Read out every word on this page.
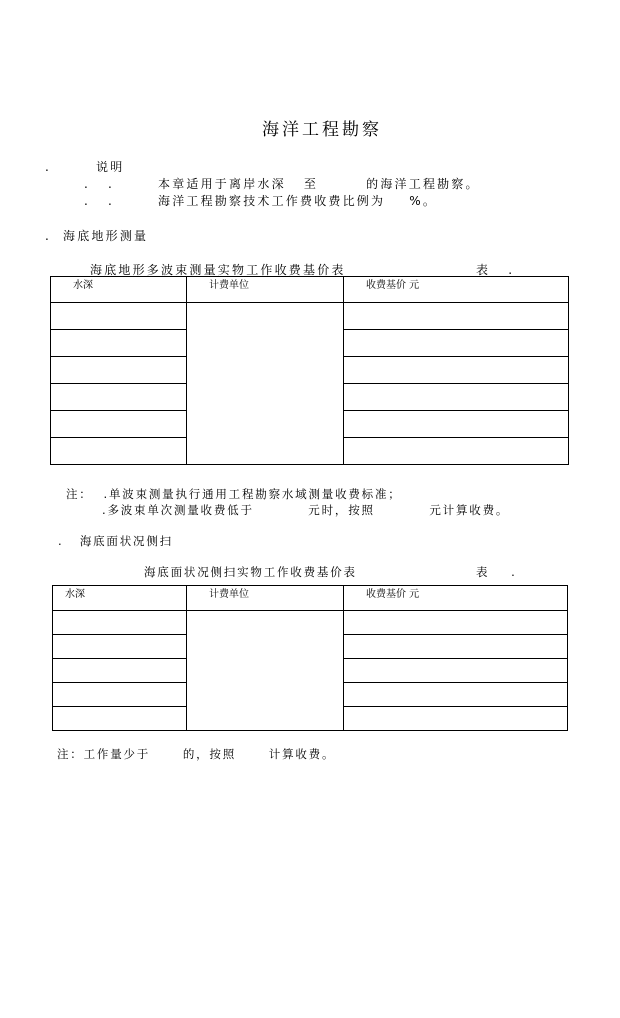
海洋工程勘察
.	说明
.   .	本章适用于离岸水深   至        的海洋工程勘察。
.   .	海洋工程勘察技术工作费收费比例为    %。
.  海底地形测量
海底地形多波束测量实物工作收费基价表	表   .
水深	计费单位	收费基价 元

注：  .单波束测量执行通用工程勘察水域测量收费标准；
.多波束单次测量收费低于          元时，按照          元计算收费。
.   海底面状况侧扫
海底面状况侧扫实物工作收费基价表	表    .
水深	计费单位	收费基价 元

注：工作量少于      的，按照      计算收费。
